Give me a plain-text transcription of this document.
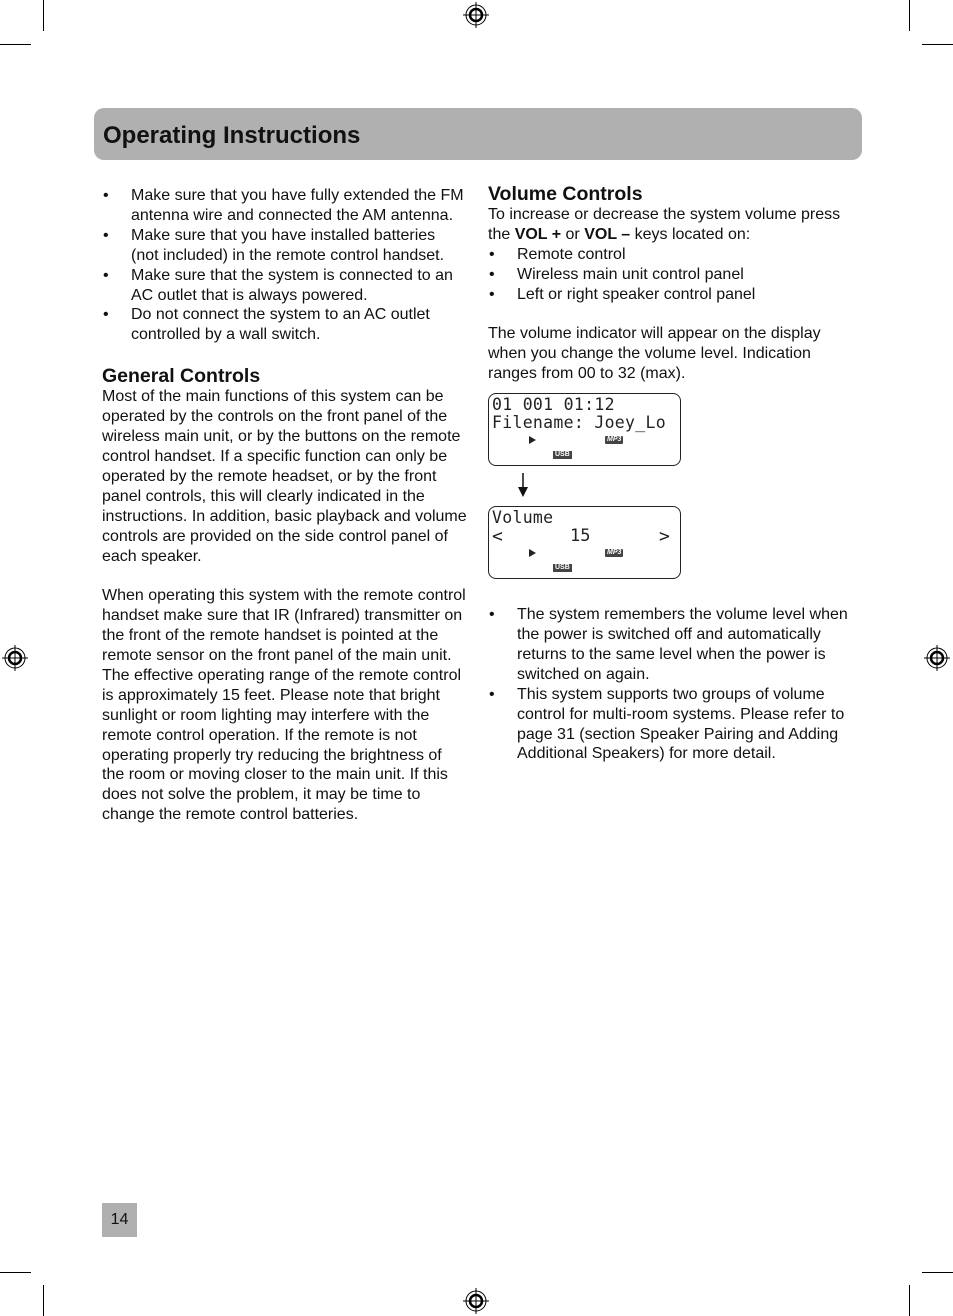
Operating Instructions
• Make sure that you have fully extended the FM antenna wire and connected the AM antenna.
• Make sure that you have installed batteries (not included) in the remote control handset.
• Make sure that the system is connected to an AC outlet that is always powered.
• Do not connect the system to an AC outlet controlled by a wall switch.
General Controls

Most of the main functions of this system can be operated by the controls on the front panel of the wireless main unit, or by the buttons on the remote control handset. If a specific function can only be operated by the remote headset, or by the front panel controls, this will clearly indicated in the instructions. In addition, basic playback and volume controls are provided on the side control panel of each speaker.

When operating this system with the remote control handset make sure that IR (Infrared) transmitter on the front of the remote handset is pointed at the remote sensor on the front panel of the main unit. The effective operating range of the remote control is approximately 15 feet. Please note that bright sunlight or room lighting may interfere with the remote control operation. If the remote is not operating properly try reducing the brightness of the room or moving closer to the main unit. If this does not solve the problem, it may be time to change the remote control batteries.

Volume Controls

To increase or decrease the system volume press the VOL + or VOL – keys located on:

• Remote control
• Wireless main unit control panel
• Left or right speaker control panel

The volume indicator will appear on the display when you change the volume level. Indication ranges from 00 to 32 (max).

01 001 01:12
Filename: Joey_Lo
MP3
USB
Volume
<	15	>
MP3
USB
• The system remembers the volume level when the power is switched off and automatically returns to the same level when the power is switched on again.
• This system supports two groups of volume control for multi-room systems. Please refer to page 31 (section Speaker Pairing and Adding Additional Speakers) for more detail.
14
